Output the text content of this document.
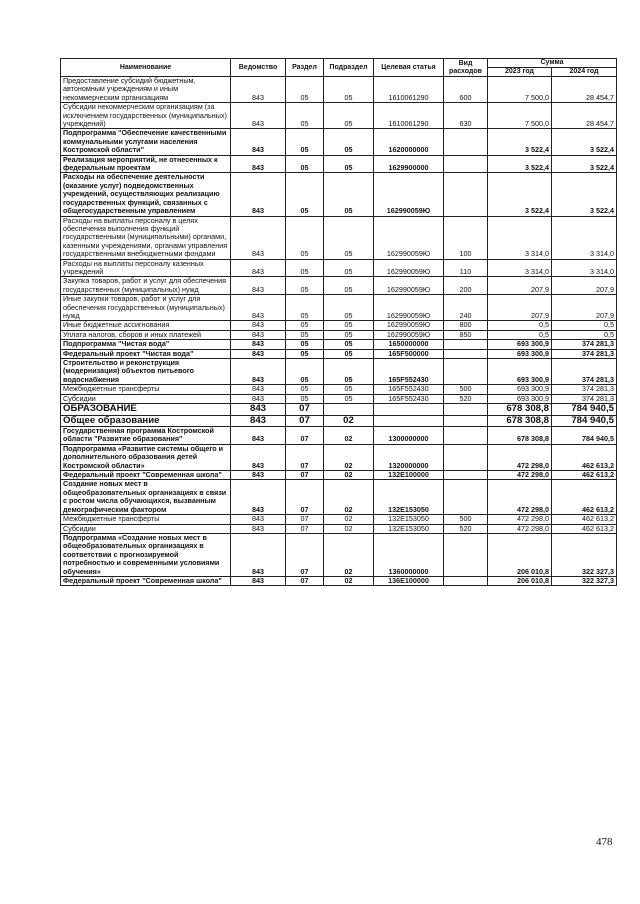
Наименование	Ведомство	Раздел	Подраздел	Целевая статья	Вид расходов	Сумма	
						2023 год	2024 год
Предоставление субсидий бюджетным, автономным учреждениям и иным некоммерческим организациям	843	05	05	1610061290	600	7 500,0	28 454,7
Субсидии некоммерческим организациям (за исключением государственных (муниципальных) учреждений)	843	05	05	1610061290	630	7 500,0	28 454,7
Подпрограмма "Обеспечение качественными коммунальными услугами населения Костромской области"	843	05	05	1620000000		3 522,4	3 522,4
Реализация мероприятий, не отнесенных к федеральным проектам	843	05	05	1629900000		3 522,4	3 522,4
Расходы на обеспечение деятельности (оказание услуг) подведомственных учреждений, осуществляющих реализацию государственных функций, связанных с общегосударственным управлением	843	05	05	162990059Ю		3 522,4	3 522,4
Расходы на выплаты персоналу в целях обеспечения выполнения функций государственными (муниципальными) органами, казенными учреждениями, органами управления государственными внебюджетными фондами	843	05	05	162990059Ю	100	3 314,0	3 314,0
Расходы на выплаты персоналу казенных учреждений	843	05	05	162990059Ю	110	3 314,0	3 314,0
Закупка товаров, работ и услуг для обеспечения государственных (муниципальных) нужд	843	05	05	162990059Ю	200	207,9	207,9
Иные закупки товаров, работ и услуг для обеспечения государственных (муниципальных) нужд	843	05	05	162990059Ю	240	207,9	207,9
Иные бюджетные ассигнования	843	05	05	162990059Ю	800	0,5	0,5
Уплата налогов, сборов и иных платежей	843	05	05	162990059Ю	850	0,5	0,5
Подпрограмма "Чистая вода"	843	05	05	1650000000		693 300,9	374 281,3
Федеральный проект "Чистая вода"	843	05	05	165F500000		693 300,9	374 281,3
Строительство и реконструкция (модернизация) объектов питьевого водоснабжения	843	05	05	165F552430		693 300,9	374 281,3
Межбюджетные трансферты	843	05	05	165F552430	500	693 300,9	374 281,3
Субсидии	843	05	05	165F552430	520	693 300,9	374 281,3
ОБРАЗОВАНИЕ	843	07				678 308,8	784 940,5
Общее образование	843	07	02			678 308,8	784 940,5
Государственная программа Костромской области "Развитие образования"	843	07	02	1300000000		678 308,8	784 940,5
Подпрограмма «Развитие системы общего и дополнительного образования детей Костромской области»	843	07	02	1320000000		472 298,0	462 613,2
Федеральный проект "Современная школа"	843	07	02	132E100000		472 298,0	462 613,2
Создание новых мест в общеобразовательных организациях в связи с ростом числа обучающихся, вызванным демографическим фактором	843	07	02	132E153050		472 298,0	462 613,2
Межбюджетные трансферты	843	07	02	132E153050	500	472 298,0	462 613,2
Субсидии	843	07	02	132E153050	520	472 298,0	462 613,2
Подпрограмма «Создание новых мест в общеобразовательных организациях в соответствии с прогнозируемой потребностью и современными условиями обучения»	843	07	02	1360000000		206 010,8	322 327,3
Федеральный проект "Современная школа"	843	07	02	136E100000		206 010,8	322 327,3
478
